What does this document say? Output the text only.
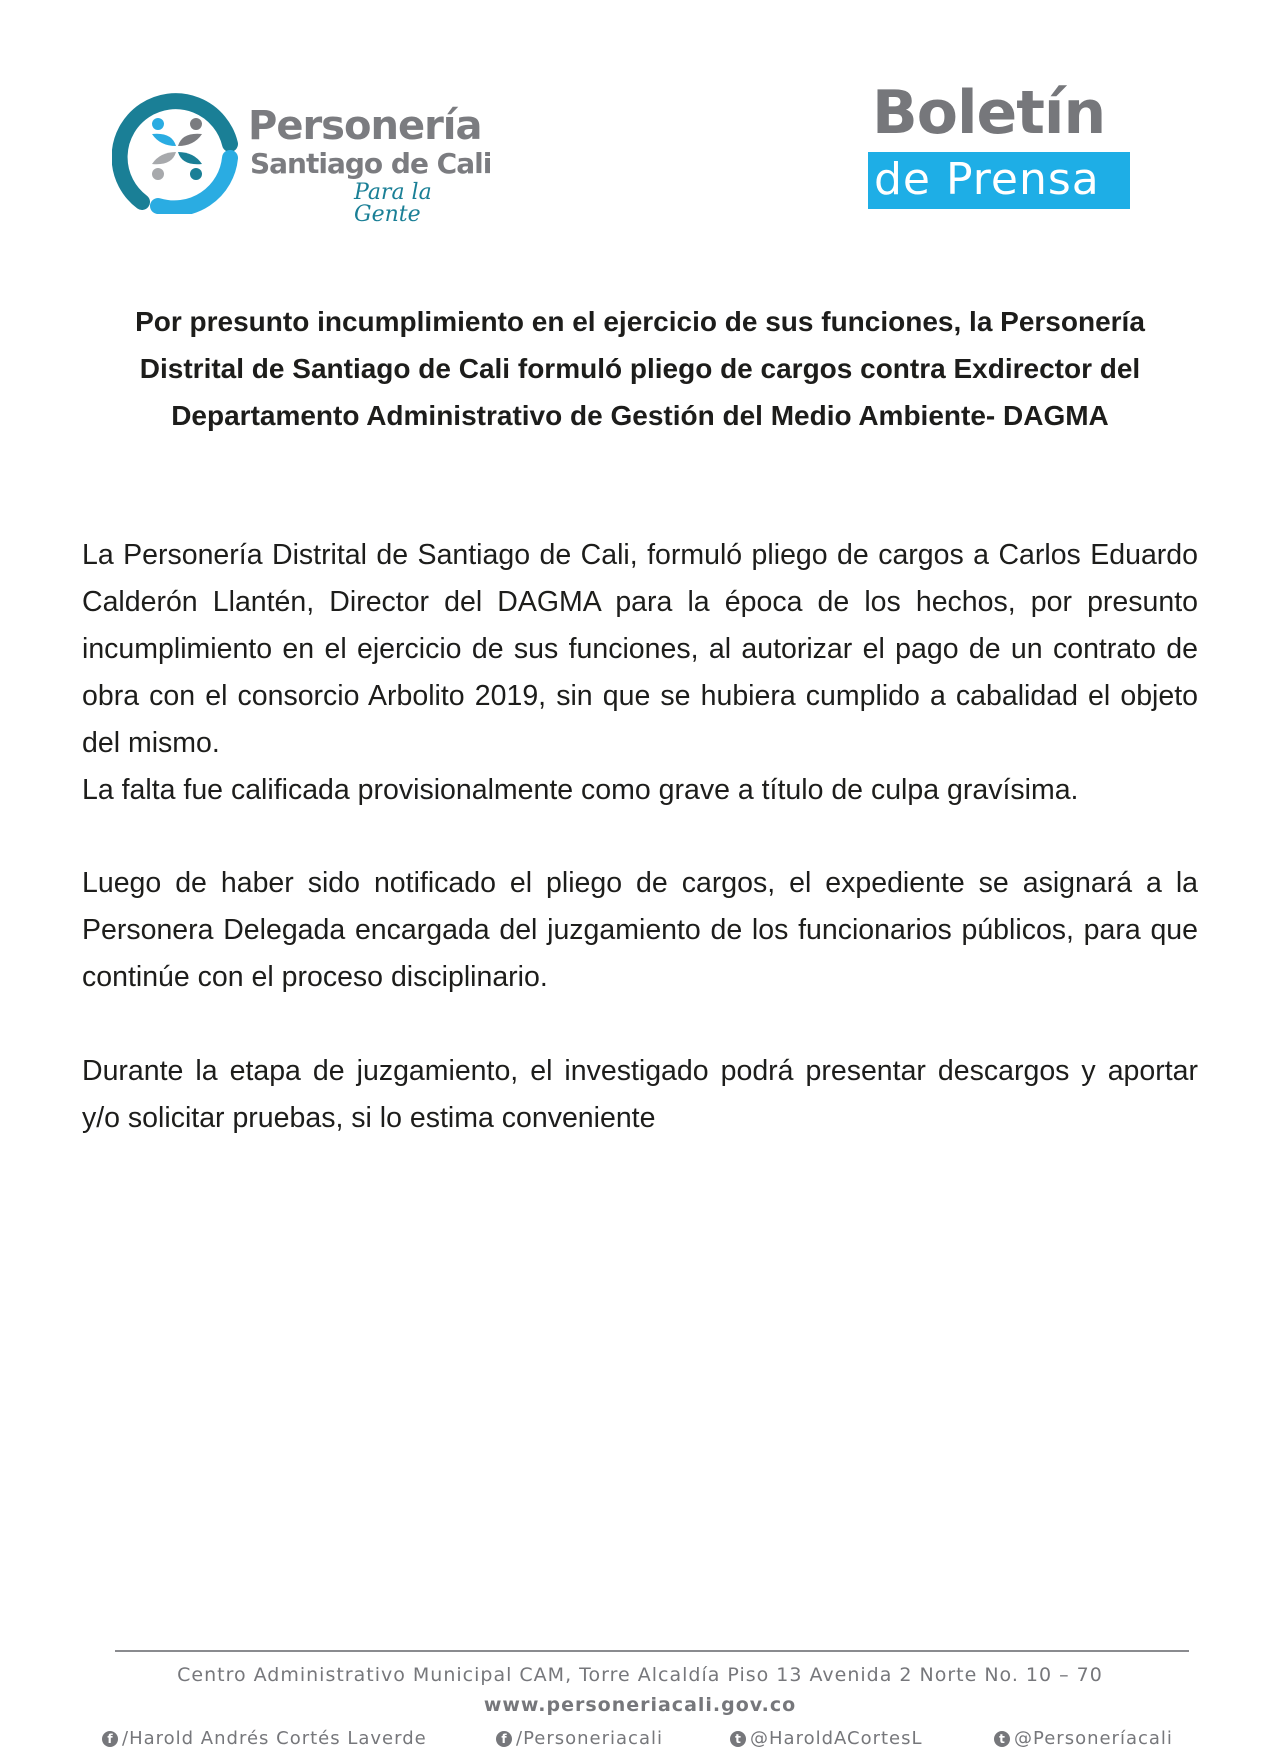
Personería
Santiago de Cali
Para la Gente
Boletín
de Prensa
Por presunto incumplimiento en el ejercicio de sus funciones, la Personería Distrital de Santiago de Cali formuló pliego de cargos contra Exdirector del Departamento Administrativo de Gestión del Medio Ambiente- DAGMA
La Personería Distrital de Santiago de Cali, formuló pliego de cargos a Carlos Eduardo Calderón Llantén, Director del DAGMA para la época de los hechos, por presunto incumplimiento en el ejercicio de sus funciones, al autorizar el pago de un contrato de obra con el consorcio Arbolito 2019, sin que se hubiera cumplido a cabalidad el objeto del mismo.
La falta fue calificada provisionalmente como grave a título de culpa gravísima.

Luego de haber sido notificado el pliego de cargos, el expediente se asignará a la Personera Delegada encargada del juzgamiento de los funcionarios públicos, para que continúe con el proceso disciplinario.

Durante la etapa de juzgamiento, el investigado podrá presentar descargos y aportar y/o solicitar pruebas, si lo estima conveniente

Centro Administrativo Municipal CAM, Torre Alcaldía Piso 13 Avenida 2 Norte No. 10 – 70
www.personeriacali.gov.co
f /Harold Andrés Cortés Laverde	f /Personeriacali	t @HaroldACortesL	t @Personeríacali
